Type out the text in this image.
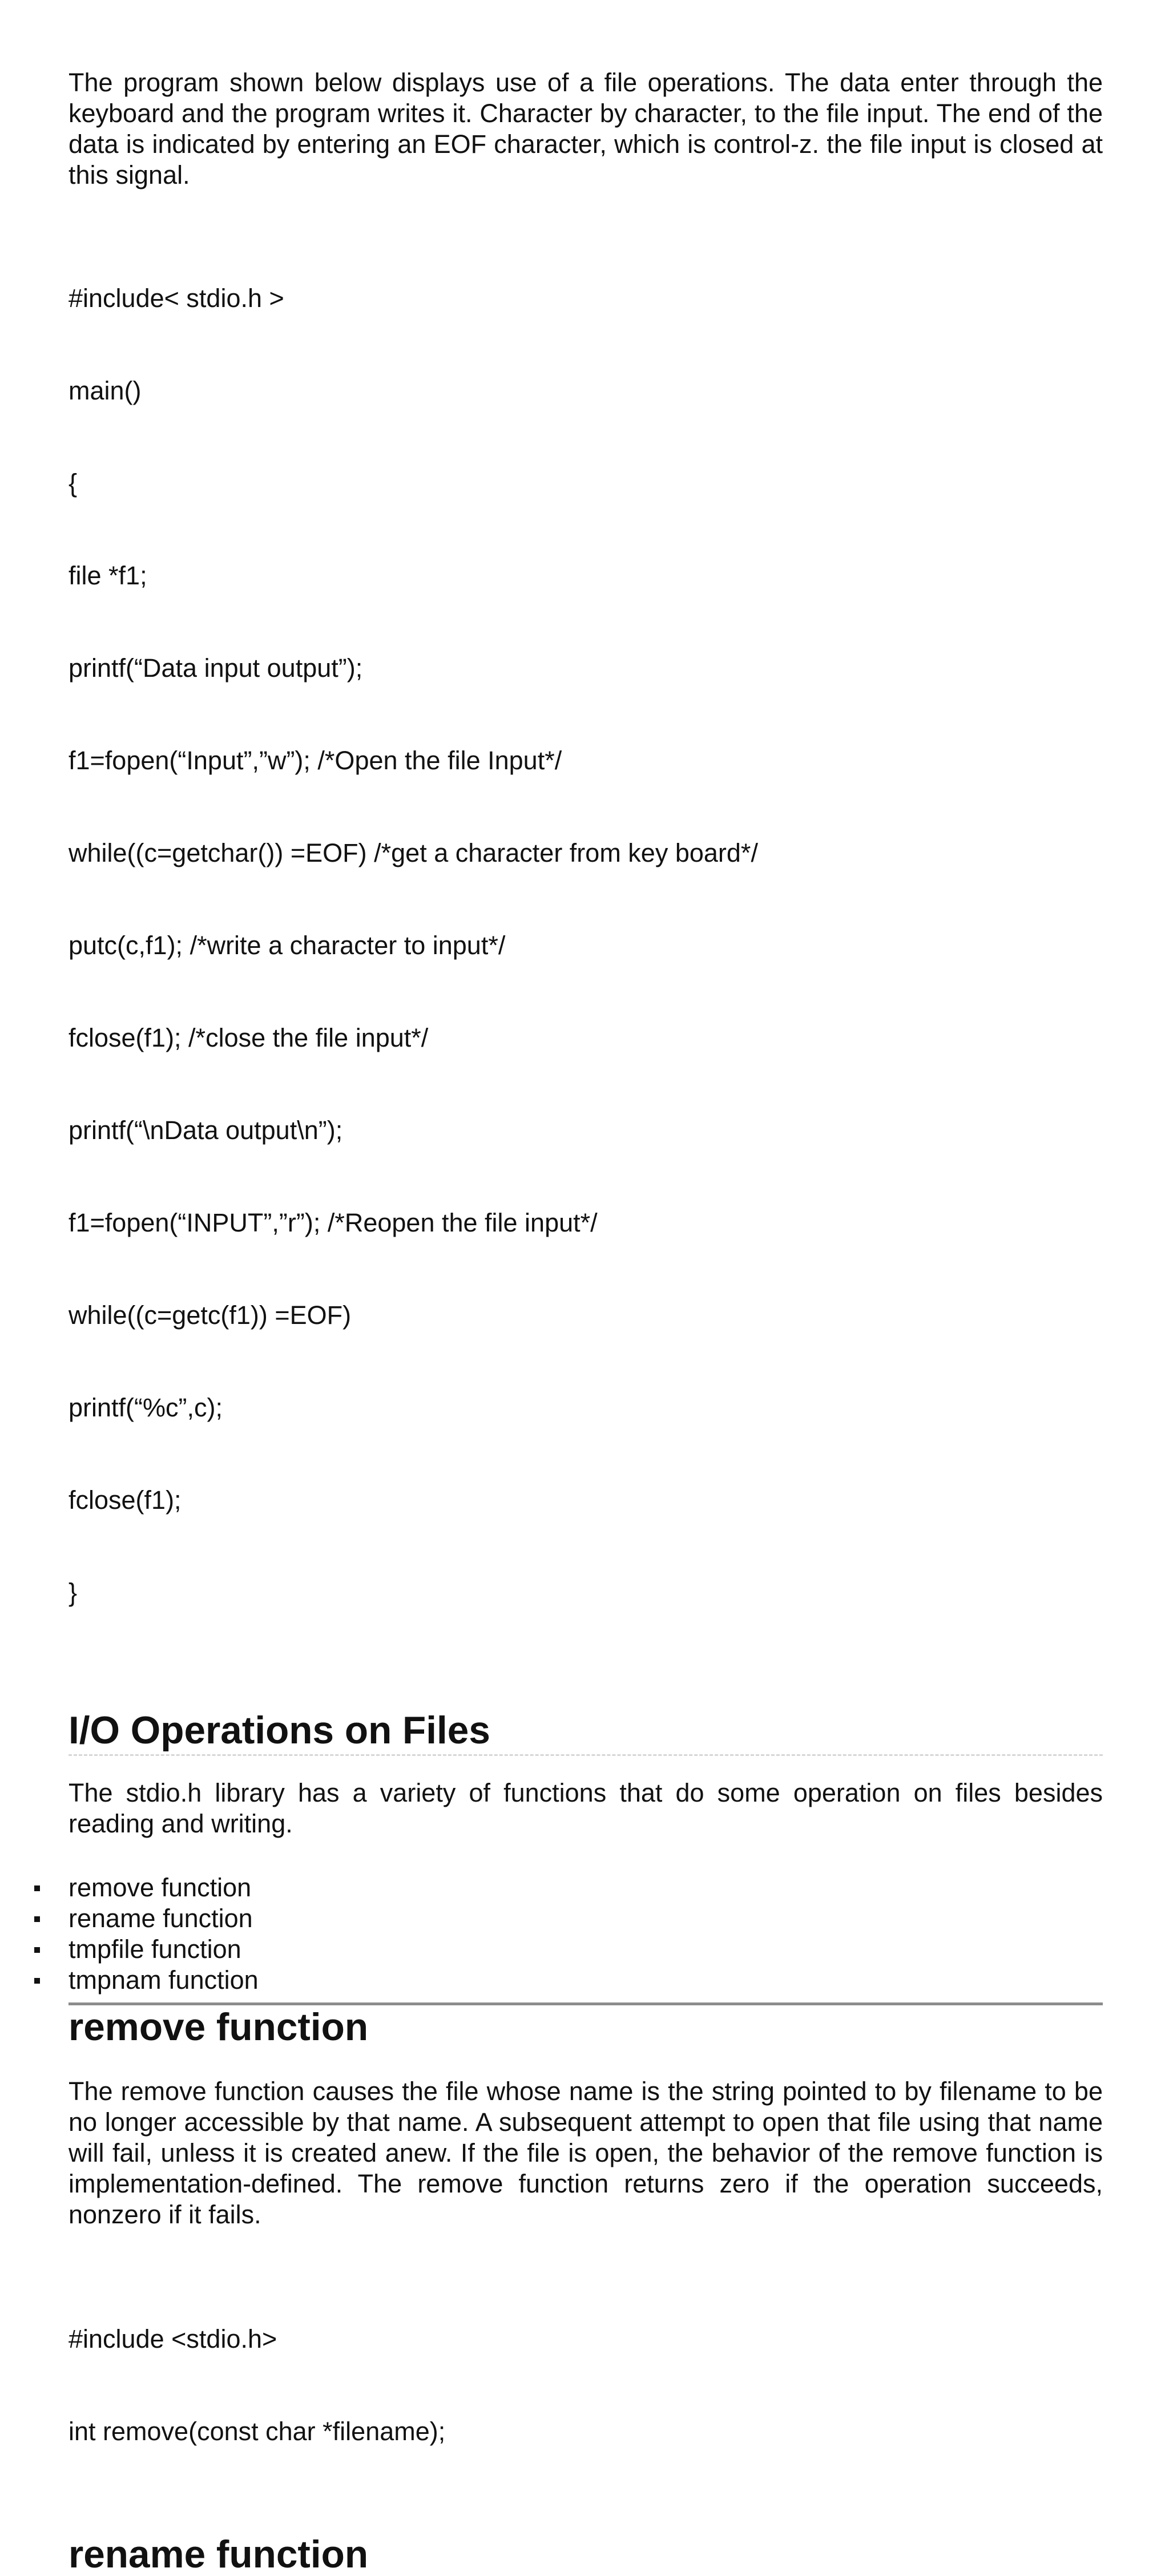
The program shown below displays use of a file operations. The data enter through the keyboard and the program writes it. Character by character, to the file input. The end of the data is indicated by entering an EOF character, which is control-z. the file input is closed at this signal.

#include< stdio.h >

main()

{

file *f1;

printf(“Data input output”);

f1=fopen(“Input”,”w”); /*Open the file Input*/

while((c=getchar()) =EOF) /*get a character from key board*/

putc(c,f1); /*write a character to input*/

fclose(f1); /*close the file input*/

printf(“\nData output\n”);

f1=fopen(“INPUT”,”r”); /*Reopen the file input*/

while((c=getc(f1)) =EOF)

printf(“%c”,c);

fclose(f1);

}

I/O Operations on Files

The stdio.h library has a variety of functions that do some operation on files besides reading and writing.

remove function
rename function
tmpfile function
tmpnam function
remove function

The remove function causes the file whose name is the string pointed to by filename to be no longer accessible by that name. A subsequent attempt to open that file using that name will fail, unless it is created anew. If the file is open, the behavior of the remove function is implementation-defined. The remove function returns zero if the operation succeeds, nonzero if it fails.

#include <stdio.h>

int remove(const char *filename);

rename function
